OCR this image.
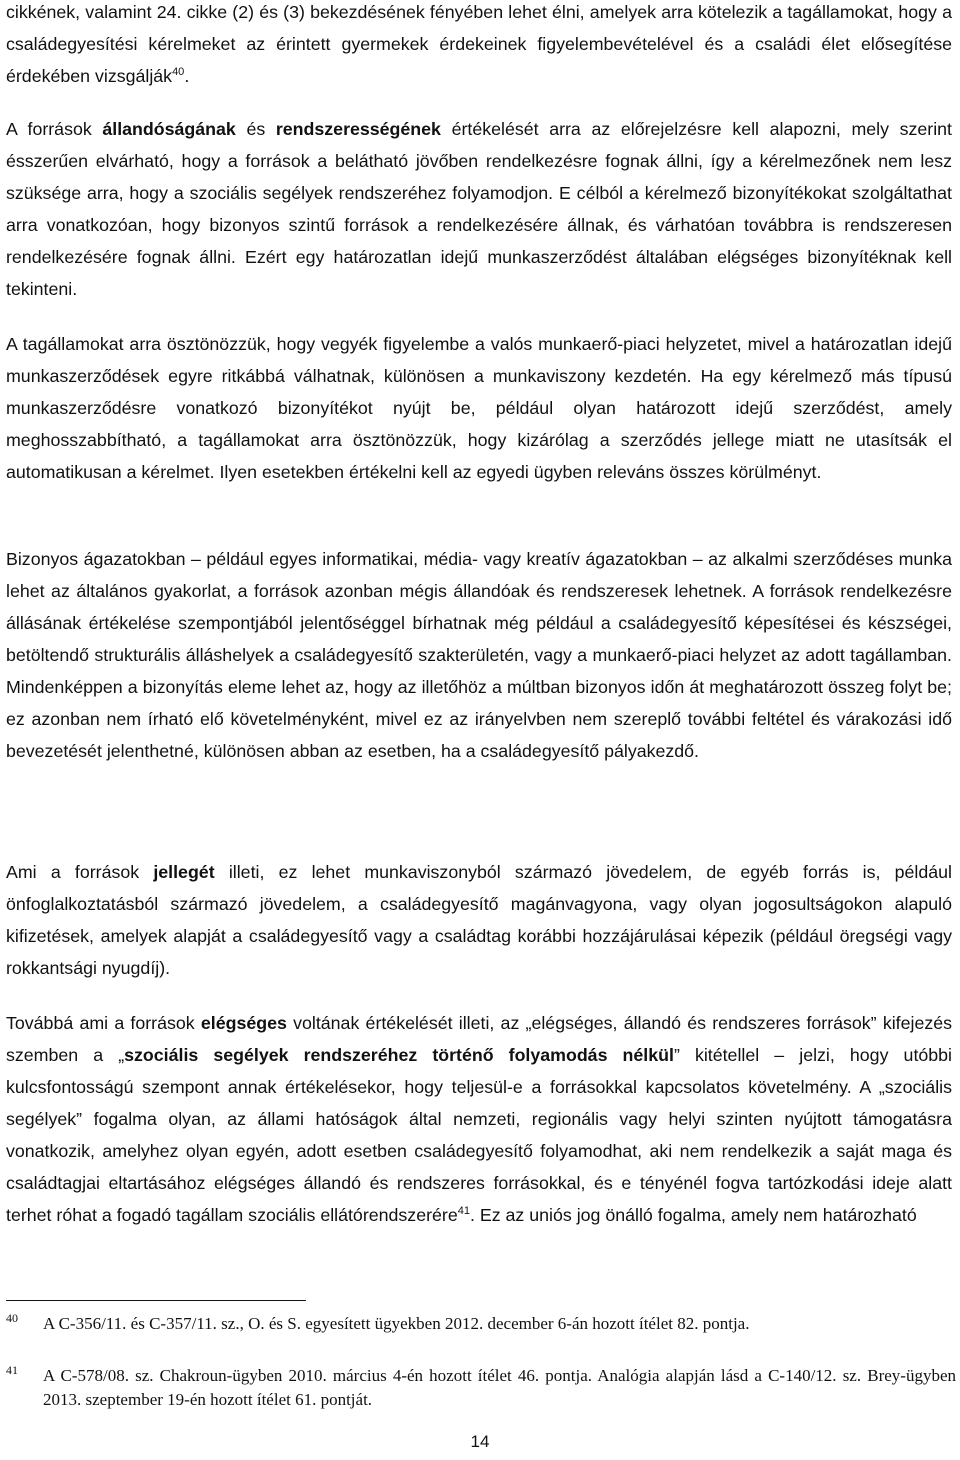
cikkének, valamint 24. cikke (2) és (3) bekezdésének fényében lehet élni, amelyek arra kötelezik a tagállamokat, hogy a családegyesítési kérelmeket az érintett gyermekek érdekeinek figyelembevételével és a családi élet elősegítése érdekében vizsgálják$^{40}$.

A források állandóságának és rendszerességének értékelését arra az előrejelzésre kell alapozni, mely szerint ésszerűen elvárható, hogy a források a belátható jövőben rendelkezésre fognak állni, így a kérelmezőnek nem lesz szüksége arra, hogy a szociális segélyek rendszeréhez folyamodjon. E célból a kérelmező bizonyítékokat szolgáltathat arra vonatkozóan, hogy bizonyos szintű források a rendelkezésére állnak, és várhatóan továbbra is rendszeresen rendelkezésére fognak állni. Ezért egy határozatlan idejű munkaszerződést általában elégséges bizonyítéknak kell tekinteni.

A tagállamokat arra ösztönözzük, hogy vegyék figyelembe a valós munkaerő-piaci helyzetet, mivel a határozatlan idejű munkaszerződések egyre ritkábbá válhatnak, különösen a munkaviszony kezdetén. Ha egy kérelmező más típusú munkaszerződésre vonatkozó bizonyítékot nyújt be, például olyan határozott idejű szerződést, amely meghosszabbítható, a tagállamokat arra ösztönözzük, hogy kizárólag a szerződés jellege miatt ne utasítsák el automatikusan a kérelmet. Ilyen esetekben értékelni kell az egyedi ügyben releváns összes körülményt.

Bizonyos ágazatokban – például egyes informatikai, média- vagy kreatív ágazatokban – az alkalmi szerződéses munka lehet az általános gyakorlat, a források azonban mégis állandóak és rendszeresek lehetnek. A források rendelkezésre állásának értékelése szempontjából jelentőséggel bírhatnak még például a családegyesítő képesítései és készségei, betöltendő strukturális álláshelyek a családegyesítő szakterületén, vagy a munkaerő-piaci helyzet az adott tagállamban. Mindenképpen a bizonyítás eleme lehet az, hogy az illetőhöz a múltban bizonyos időn át meghatározott összeg folyt be; ez azonban nem írható elő követelményként, mivel ez az irányelvben nem szereplő további feltétel és várakozási idő bevezetését jelenthetné, különösen abban az esetben, ha a családegyesítő pályakezdő.

Ami a források jellegét illeti, ez lehet munkaviszonyból származó jövedelem, de egyéb forrás is, például önfoglalkoztatásból származó jövedelem, a családegyesítő magánvagyona, vagy olyan jogosultságokon alapuló kifizetések, amelyek alapját a családegyesítő vagy a családtag korábbi hozzájárulásai képezik (például öregségi vagy rokkantsági nyugdíj).

Továbbá ami a források elégséges voltának értékelését illeti, az „elégséges, állandó és rendszeres források” kifejezés szemben a „szociális segélyek rendszeréhez történő folyamodás nélkül” kitétellel – jelzi, hogy utóbbi kulcsfontosságú szempont annak értékelésekor, hogy teljesül-e a forrásokkal kapcsolatos követelmény. A „szociális segélyek” fogalma olyan, az állami hatóságok által nemzeti, regionális vagy helyi szinten nyújtott támogatásra vonatkozik, amelyhez olyan egyén, adott esetben családegyesítő folyamodhat, aki nem rendelkezik a saját maga és családtagjai eltartásához elégséges állandó és rendszeres forrásokkal, és e tényénél fogva tartózkodási ideje alatt terhet róhat a fogadó tagállam szociális ellátórendszerére$^{41}$. Ez az uniós jog önálló fogalma, amely nem határozható

40 A C-356/11. és C-357/11. sz., O. és S. egyesített ügyekben 2012. december 6-án hozott ítélet 82. pontja.
41 A C-578/08. sz. Chakroun-ügyben 2010. március 4-én hozott ítélet 46. pontja. Analógia alapján lásd a C-140/12. sz. Brey-ügyben 2013. szeptember 19-én hozott ítélet 61. pontját.
14
